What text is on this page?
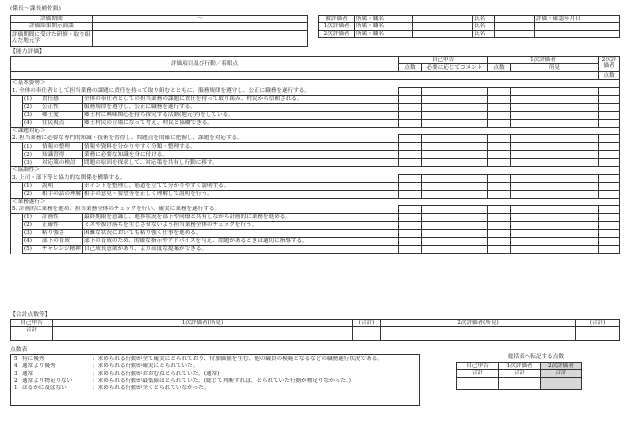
(係長〜課長補佐級)
評価期間	〜
評価結果開示面談	
評価期間に受けた研修・取り組んだ地元学	
被評価者	所属・職名		氏名		評価・確認年月日
1次評価者	所属・職名		氏名		
2次評価者	所属・職名		氏名		
【能力評価】
評価項目及び行動／着眼点			自己申告		1次評価者		2次評価者
			点数	必要に応じてコメント	点数	所見	
							点数
＜基本姿勢＞							
1. 全体の奉仕者として担当業務の課題に責任を持って取り組むとともに、服務規律を遵守し、公正に職務を遂行する。							
	(1) 責任感	全体の奉仕者としての担当業務の課題に責任を持って取り組み、村民から信頼される。					
	(2) 公正性	服務規律を遵守し、公正に職務を遂行する。					
	(3) 郷土愛	郷土村に興味関心を持ち探究する活動(地元学)をしている。					
	(4) 住民視点	郷土村民の立場になって考え、村民と協働できる。					
＜課題対応＞							
2. 担当業務に必要な専門的知識・技術を習得し、問題点を的確に把握し、課題を対応する。							
	(1) 情報の整理	情報や資料を分かりやすく分類・整理する。					
	(2) 知識習得	業務に必要な知識を身に付ける。					
	(3) 対応策の検討	問題の原因を探求して、対応策を共有し行動に移す。					
＜協調性＞							
3. 上司・部下等と協力的な関係を構築する。							
	(1) 説明	ポイントを整理し、筋道を立てて分かりやすく説明する。					
	(2) 相手の話の理解	相手の意見・要望等を正しく理解して説明を行う。					
＜業務遂行＞							
5. 計画的に業務を進め、担当業務全体のチェックを行い、確実に業務を遂行する。							
	(1) 計画性	最終期限を意識し、進捗状況を部下や同僚と共有しながら計画的に業務を進める。					
	(2) 正確性	ミスや抜け落ちを生じさせないよう担当業務全体のチェックを行う。					
	(3) 粘り強さ	困難な状況においても粘り強く仕事を進める。					
	(4) 部下の育成	部下の育成のため、的確な指示やアドバイスを与え、問題があるときは適切に指導する。					
	(5) チャレンジ精神	自己成長意欲があり、より高度な提案ができる。					
【合計点数等】
自己申告	1次評価者(所見)	(合計)	2次評価者(所見)	(合計)
合計				
点数表
5	特に優秀	：求められる行動が全て確実にとられており、付加価値を生む、他の職員の模範となるなどの職務遂行状況である。
4	通常より優秀	：求められる行動が確実にとられていた。
3	通常	：求められる行動がおおむねとられていた。(通常)
2	通常より物足りない	：求められる行動が最低限はとられていた。(総じて判断すれば、とられていた行動が物足りなかった。)
1	はるかに及ばない	：求められる行動が全くとられていなかった。
総括表へ転記する点数
自己申告	1次評価者	2次評価者
合計	合計	合計
